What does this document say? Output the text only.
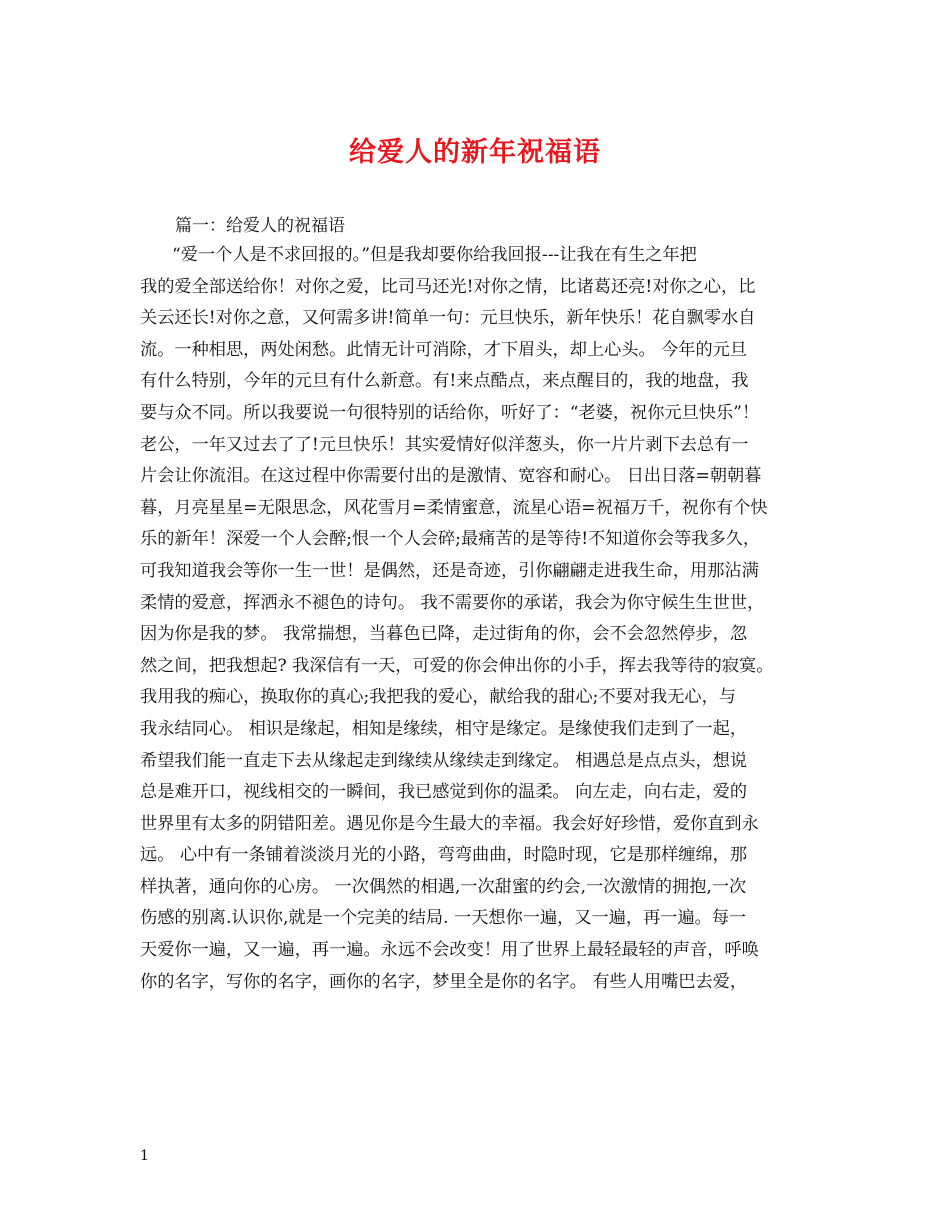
给爱人的新年祝福语
篇一：给爱人的祝福语
“爱一个人是不求回报的。”但是我却要你给我回报---让我在有生之年把
我的爱全部送给你！对你之爱，比司马还光!对你之情，比诸葛还亮!对你之心，比
关云还长!对你之意，又何需多讲!简单一句：元旦快乐，新年快乐！花自飘零水自
流。一种相思，两处闲愁。此情无计可消除，才下眉头，却上心头。 今年的元旦
有什么特别，今年的元旦有什么新意。有!来点酷点，来点醒目的，我的地盘，我
要与众不同。所以我要说一句很特别的话给你，听好了：“老婆，祝你元旦快乐”！
老公，一年又过去了了!元旦快乐！其实爱情好似洋葱头，你一片片剥下去总有一
片会让你流泪。在这过程中你需要付出的是激情、宽容和耐心。 日出日落=朝朝暮
暮，月亮星星=无限思念，风花雪月=柔情蜜意，流星心语=祝福万千，祝你有个快
乐的新年！深爱一个人会醉;恨一个人会碎;最痛苦的是等待!不知道你会等我多久，
可我知道我会等你一生一世！是偶然，还是奇迹，引你翩翩走进我生命，用那沾满
柔情的爱意，挥洒永不褪色的诗句。 我不需要你的承诺，我会为你守候生生世世，
因为你是我的梦。 我常揣想，当暮色已降，走过街角的你，会不会忽然停步，忽
然之间，把我想起? 我深信有一天，可爱的你会伸出你的小手，挥去我等待的寂寞。
我用我的痴心，换取你的真心;我把我的爱心，献给我的甜心;不要对我无心，与
我永结同心。 相识是缘起，相知是缘续，相守是缘定。是缘使我们走到了一起，
希望我们能一直走下去从缘起走到缘续从缘续走到缘定。 相遇总是点点头，想说
总是难开口，视线相交的一瞬间，我已感觉到你的温柔。 向左走，向右走，爱的
世界里有太多的阴错阳差。遇见你是今生最大的幸福。我会好好珍惜，爱你直到永
远。 心中有一条铺着淡淡月光的小路，弯弯曲曲，时隐时现，它是那样缠绵，那
样执著，通向你的心房。 一次偶然的相遇,一次甜蜜的约会,一次激情的拥抱,一次
伤感的别离.认识你,就是一个完美的结局. 一天想你一遍，又一遍，再一遍。每一
天爱你一遍，又一遍，再一遍。永远不会改变！用了世界上最轻最轻的声音，呼唤
你的名字，写你的名字，画你的名字，梦里全是你的名字。 有些人用嘴巴去爱，
1
